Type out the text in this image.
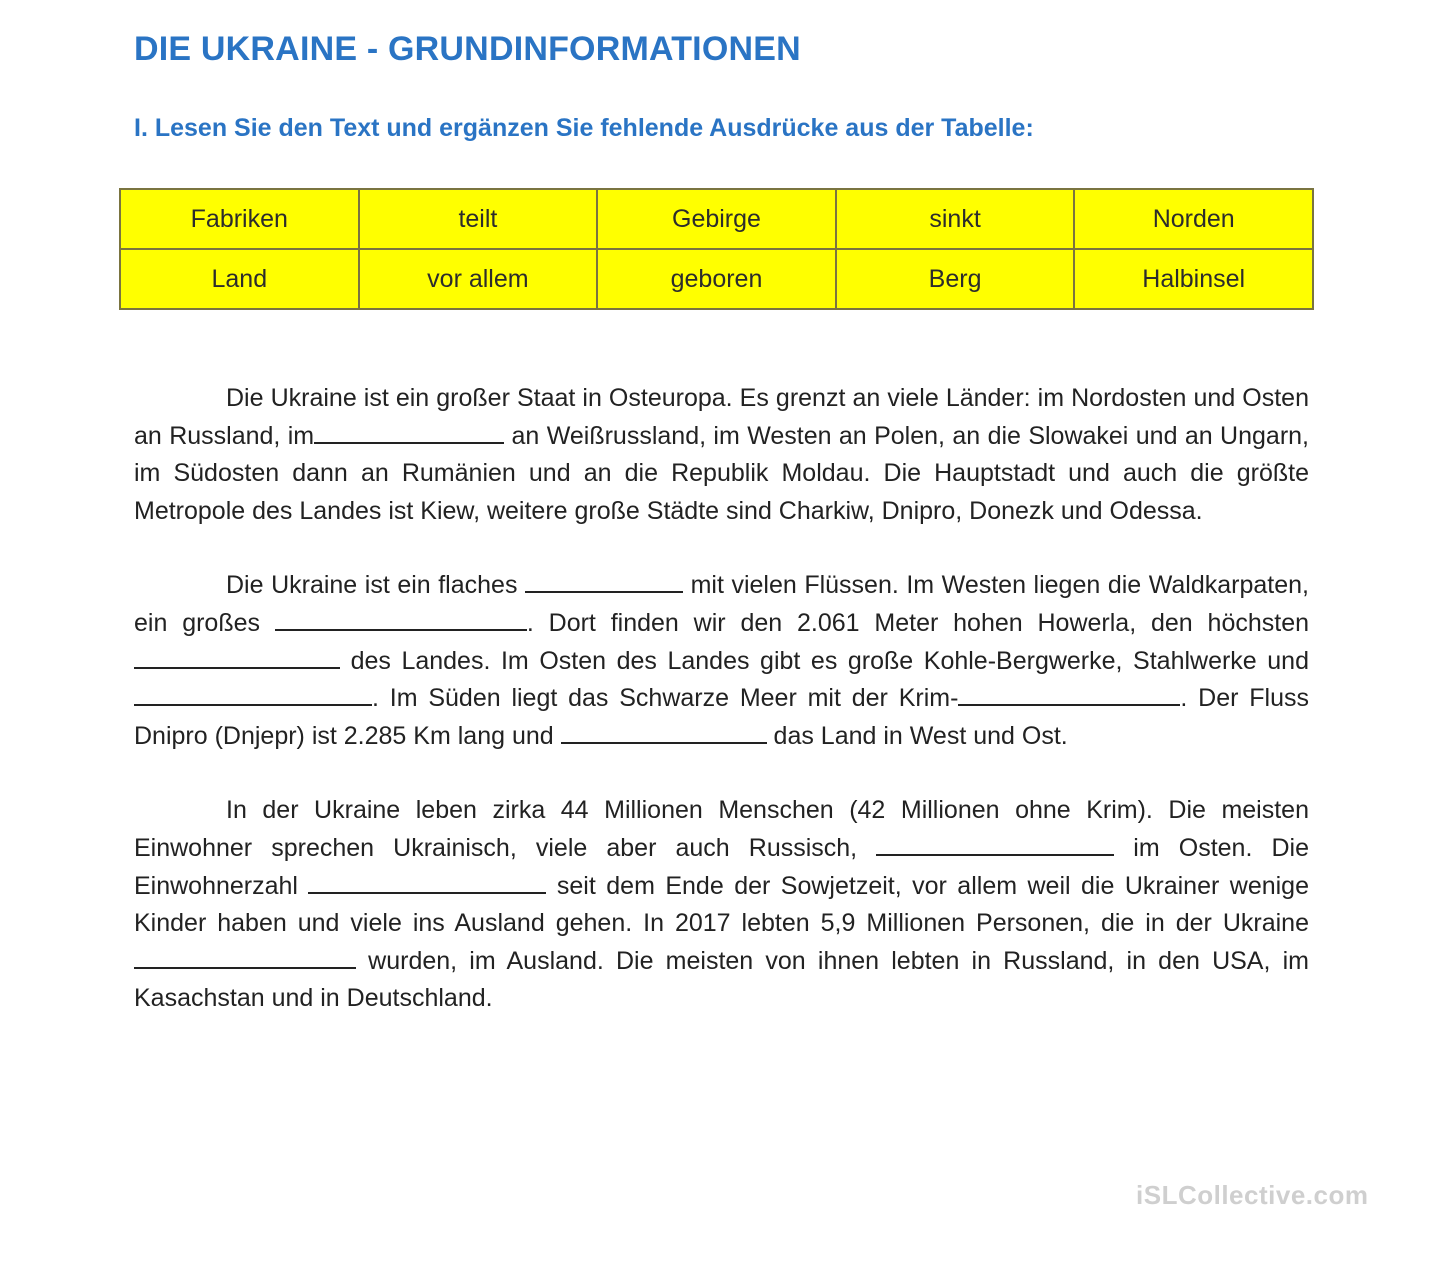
DIE UKRAINE - GRUNDINFORMATIONEN
I. Lesen Sie den Text und ergänzen Sie fehlende Ausdrücke aus der Tabelle:
Fabriken	teilt	Gebirge	sinkt	Norden
Land	vor allem	geboren	Berg	Halbinsel

Die Ukraine ist ein großer Staat in Osteuropa. Es grenzt an viele Länder: im Nordosten und Osten an Russland, im	an Weißrussland, im Westen an Polen, an die Slowakei und an Ungarn, im Südosten dann an Rumänien und an die Republik Moldau. Die Hauptstadt und auch die größte Metropole des Landes ist Kiew, weitere große Städte sind Charkiw, Dnipro, Donezk und Odessa.

Die Ukraine ist ein flaches	mit vielen Flüssen. Im Westen liegen die Waldkarpaten, ein großes	. Dort finden wir den 2.061 Meter hohen Howerla, den höchsten  des Landes. Im Osten des Landes gibt es große Kohle-Bergwerke, Stahlwerke und . Im Süden liegt das Schwarze Meer mit der Krim-	. Der Fluss Dnipro (Dnjepr) ist 2.285 Km lang und	das Land in West und Ost.

In der Ukraine leben zirka 44 Millionen Menschen (42 Millionen ohne Krim). Die meisten Einwohner sprechen Ukrainisch, viele aber auch Russisch,	im Osten. Die Einwohnerzahl	seit dem Ende der Sowjetzeit, vor allem weil die Ukrainer wenige Kinder haben und viele ins Ausland gehen. In 2017 lebten 5,9 Millionen Personen, die in der Ukraine  wurden, im Ausland. Die meisten von ihnen lebten in Russland, in den USA, im Kasachstan und in Deutschland.

iSLCollective.com
